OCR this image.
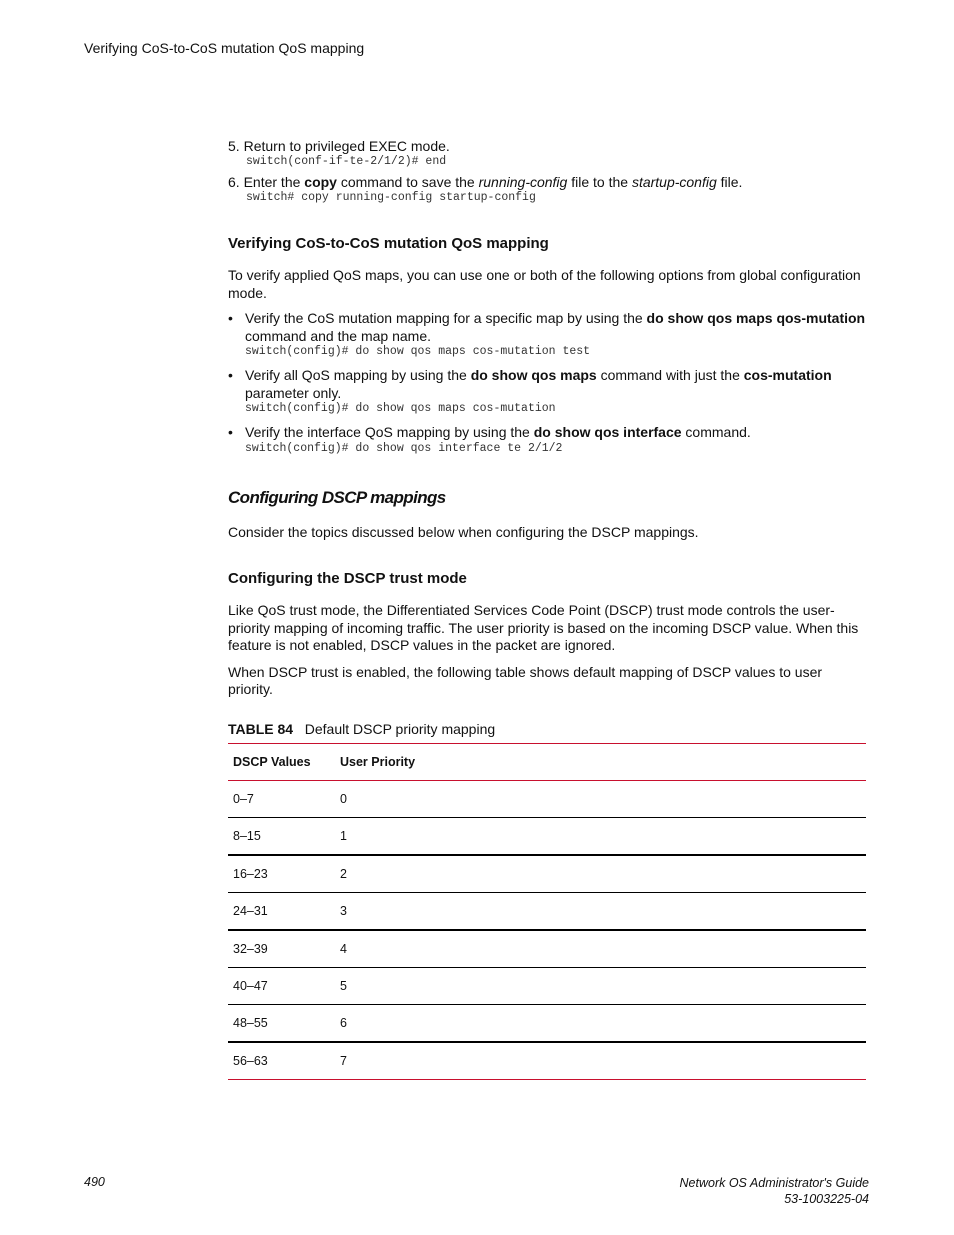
Verifying CoS-to-CoS mutation QoS mapping
5. Return to privileged EXEC mode.
switch(conf-if-te-2/1/2)# end
6. Enter the copy command to save the running-config file to the startup-config file.
switch# copy running-config startup-config
Verifying CoS-to-CoS mutation QoS mapping

To verify applied QoS maps, you can use one or both of the following options from global configuration mode.

• Verify the CoS mutation mapping for a specific map by using the do show qos maps qos-mutation command and the map name.
switch(config)# do show qos maps cos-mutation test
• Verify all QoS mapping by using the do show qos maps command with just the cos-mutation parameter only.
switch(config)# do show qos maps cos-mutation
• Verify the interface QoS mapping by using the do show qos interface command.
switch(config)# do show qos interface te 2/1/2
Configuring DSCP mappings

Consider the topics discussed below when configuring the DSCP mappings.

Configuring the DSCP trust mode

Like QoS trust mode, the Differentiated Services Code Point (DSCP) trust mode controls the user-priority mapping of incoming traffic. The user priority is based on the incoming DSCP value. When this feature is not enabled, DSCP values in the packet are ignored.

When DSCP trust is enabled, the following table shows default mapping of DSCP values to user priority.

TABLE 84 Default DSCP priority mapping
DSCP Values	User Priority
0–7	0
8–15	1
16–23	2
24–31	3
32–39	4
40–47	5
48–55	6
56–63	7
490	Network OS Administrator's Guide
53-1003225-04
